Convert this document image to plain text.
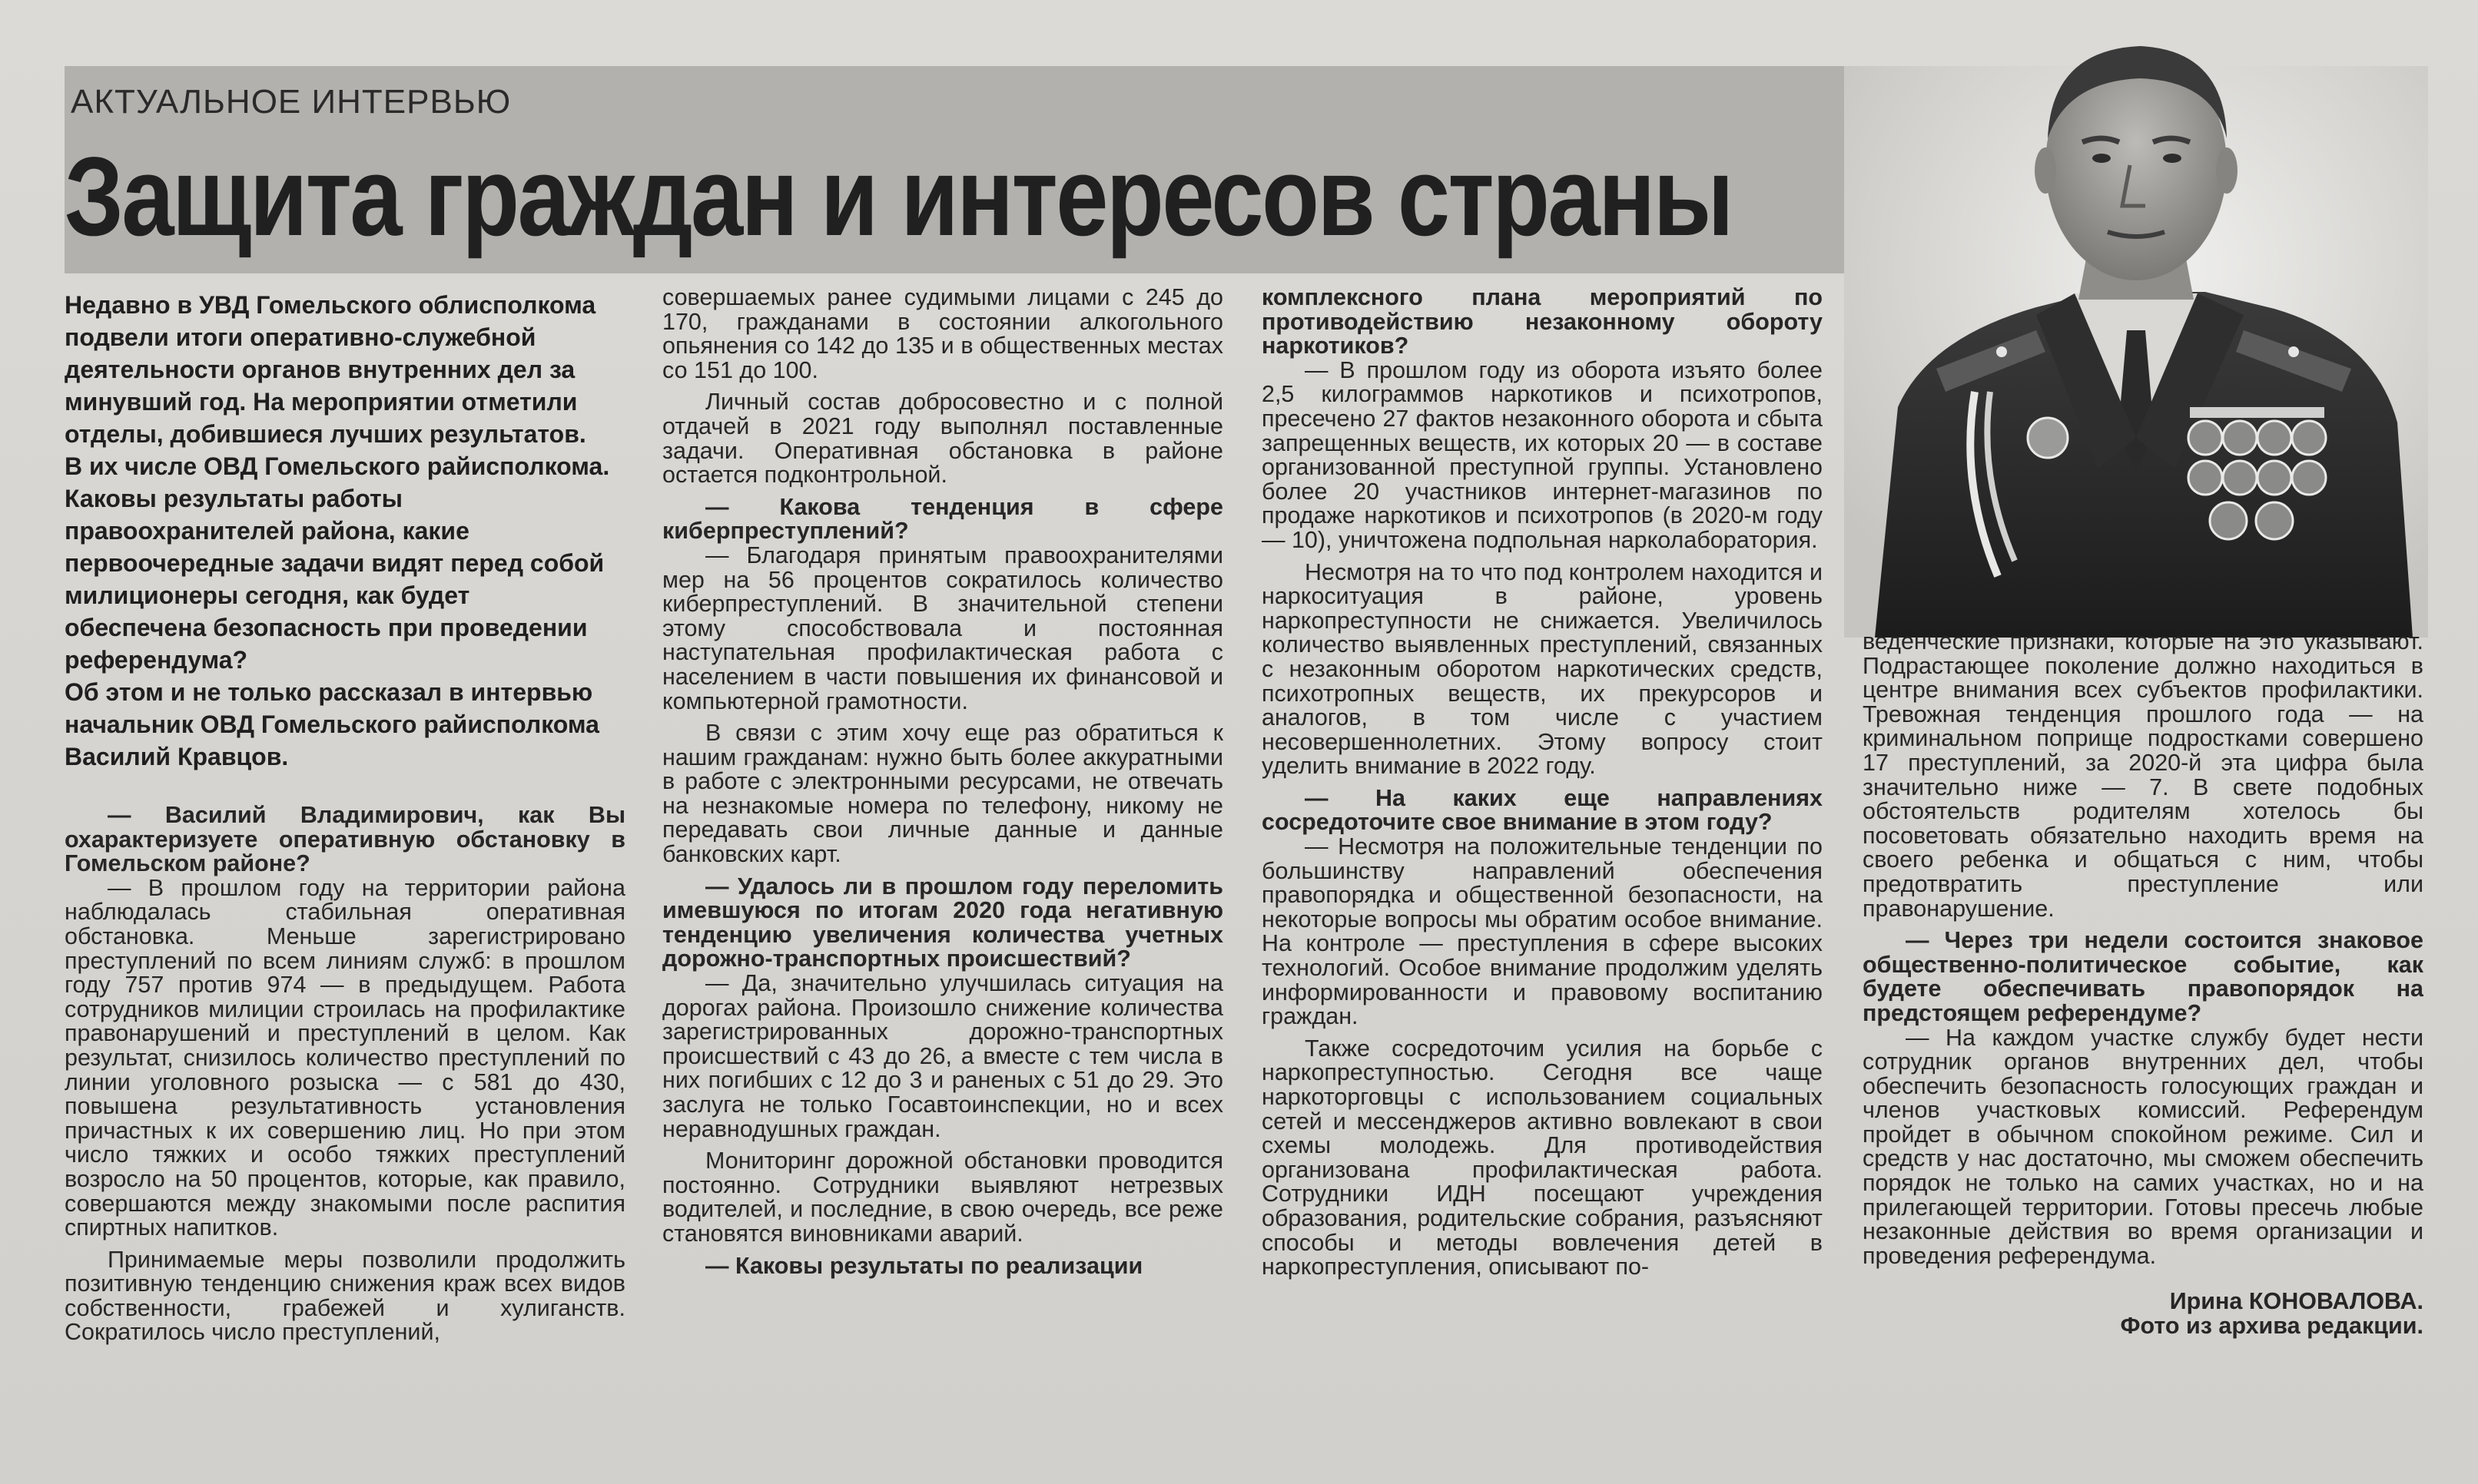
АКТУАЛЬНОЕ ИНТЕРВЬЮ
Защита граждан и интересов страны

Недавно в УВД Гомельского облисполкома подвели итоги оперативно-служебной деятельности органов внутренних дел за минувший год. На мероприятии отметили отделы, добившиеся лучших результатов.

В их числе ОВД Гомельского райисполкома. Каковы результаты работы правоохранителей района, какие первоочередные задачи видят перед собой милиционеры сегодня, как будет обеспечена безопасность при проведении референдума?

Об этом и не только рассказал в интервью начальник ОВД Гомельского райисполкома Василий Кравцов.

— Василий Владимирович, как Вы охарактеризуете оперативную обстановку в Гомельском районе?

— В прошлом году на территории района наблюдалась стабильная оперативная обстановка. Меньше зарегистрировано преступлений по всем линиям служб: в прошлом году 757 против 974 — в предыдущем. Работа сотрудников милиции строилась на профилактике правонарушений и преступлений в целом. Как результат, снизилось количество преступлений по линии уголовного розыска — с 581 до 430, повышена результативность установления причастных к их совершению лиц. Но при этом число тяжких и особо тяжких преступлений возросло на 50 процентов, которые, как правило, совершаются между знакомыми после распития спиртных напитков.

Принимаемые меры позволили продолжить позитивную тенденцию снижения краж всех видов собственности, грабежей и хулиганств. Сократилось число преступлений,

совершаемых ранее судимыми лицами с 245 до 170, гражданами в состоянии алкогольного опьянения со 142 до 135 и в общественных местах со 151 до 100.

Личный состав добросовестно и с полной отдачей в 2021 году выполнял поставленные задачи. Оперативная обстановка в районе остается подконтрольной.

— Какова тенденция в сфере киберпреступлений?

— Благодаря принятым правоохранителями мер на 56 процентов сократилось количество киберпреступлений. В значительной степени этому способствовала и постоянная наступательная профилактическая работа с населением в части повышения их финансовой и компьютерной грамотности.

В связи с этим хочу еще раз обратиться к нашим гражданам: нужно быть более аккуратными в работе с электронными ресурсами, не отвечать на незнакомые номера по телефону, никому не передавать свои личные данные и данные банковских карт.

— Удалось ли в прошлом году переломить имевшуюся по итогам 2020 года негативную тенденцию увеличения количества учетных дорожно-транспортных происшествий?

— Да, значительно улучшилась ситуация на дорогах района. Произошло снижение количества зарегистрированных дорожно-транспортных происшествий с 43 до 26, а вместе с тем числа в них погибших с 12 до 3 и раненых с 51 до 29. Это заслуга не только Госавтоинспекции, но и всех неравнодушных граждан.

Мониторинг дорожной обстановки проводится постоянно. Сотрудники выявляют нетрезвых водителей, и последние, в свою очередь, все реже становятся виновниками аварий.

— Каковы результаты по реализации

комплексного плана мероприятий по противодействию незаконному обороту наркотиков?

— В прошлом году из оборота изъято более 2,5 килограммов наркотиков и психотропов, пресечено 27 фактов незаконного оборота и сбыта запрещенных веществ, их которых 20 — в составе организованной преступной группы. Установлено более 20 участников интернет-магазинов по продаже наркотиков и психотропов (в 2020-м году — 10), уничтожена подпольная нарколаборатория.

Несмотря на то что под контролем находится и наркоситуация в районе, уровень наркопреступности не снижается. Увеличилось количество выявленных преступлений, связанных с незаконным оборотом наркотических средств, психотропных веществ, их прекурсоров и аналогов, в том числе с участием несовершеннолетних. Этому вопросу стоит уделить внимание в 2022 году.

— На каких еще направлениях сосредоточите свое внимание в этом году?

— Несмотря на положительные тенденции по большинству направлений обеспечения правопорядка и общественной безопасности, на некоторые вопросы мы обратим особое внимание. На контроле — преступления в сфере высоких технологий. Особое внимание продолжим уделять информированности и правовому воспитанию граждан.

Также сосредоточим усилия на борьбе с наркопреступностью. Сегодня все чаще наркоторговцы с использованием социальных сетей и мессенджеров активно вовлекают в свои схемы молодежь. Для противодействия организована профилактическая работа. Сотрудники ИДН посещают учреждения образования, родительские собрания, разъясняют способы и методы вовлечения детей в наркопреступления, описывают по-

веденческие признаки, которые на это указывают. Подрастающее поколение должно находиться в центре внимания всех субъектов профилактики. Тревожная тенденция прошлого года — на криминальном поприще подростками совершено 17 преступлений, за 2020-й эта цифра была значительно ниже — 7. В свете подобных обстоятельств родителям хотелось бы посоветовать обязательно находить время на своего ребенка и общаться с ним, чтобы предотвратить преступление или правонарушение.

— Через три недели состоится знаковое общественно-политическое событие, как будете обеспечивать правопорядок на предстоящем референдуме?

— На каждом участке службу будет нести сотрудник органов внутренних дел, чтобы обеспечить безопасность голосующих граждан и членов участковых комиссий. Референдум пройдет в обычном спокойном режиме. Сил и средств у нас достаточно, мы сможем обеспечить порядок не только на самих участках, но и на прилегающей территории. Готовы пресечь любые незаконные действия во время организации и проведения референдума.

Ирина КОНОВАЛОВА.
Фото из архива редакции.
